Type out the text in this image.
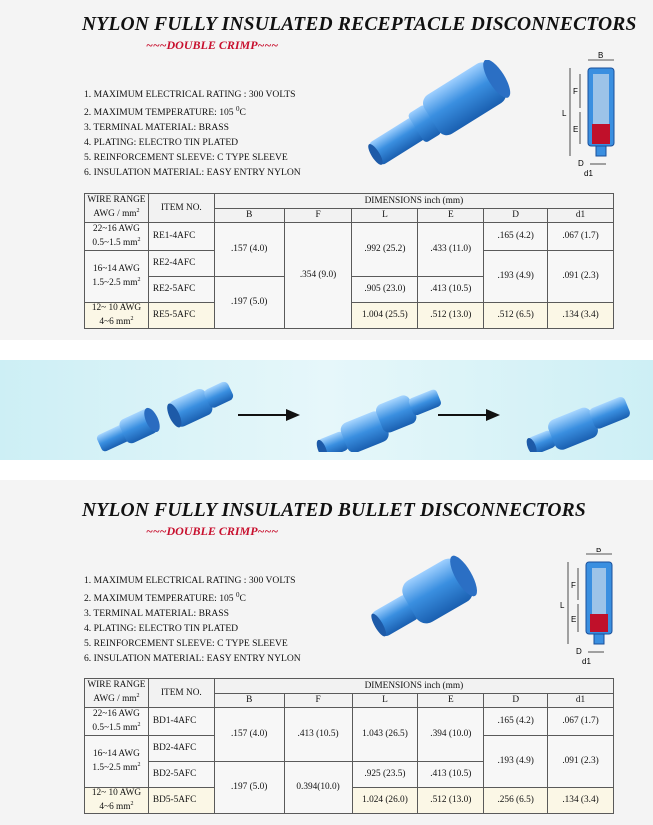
NYLON FULLY INSULATED RECEPTACLE DISCONNECTORS
~~~DOUBLE CRIMP~~~
1. MAXIMUM ELECTRICAL RATING : 300 VOLTS
2. MAXIMUM TEMPERATURE: 105 $^0$C
3. TERMINAL MATERIAL: BRASS
4. PLATING: ELECTRO TIN PLATED
5. REINFORCEMENT SLEEVE: C TYPE SLEEVE
6. INSULATION MATERIAL: EASY ENTRY NYLON
L
F
E
B
D
d1
WIRE RANGE
AWG / $mm^2$	ITEM NO.	DIMENSIONS inch (mm)					
		B	F	L	E	D	d1
22~16 AWG
0.5~1.5 $mm^2$	RE1-4AFC	.157 (4.0)	.354 (9.0)	.992 (25.2)	.433 (11.0)	.165 (4.2)	.067 (1.7)
16~14 AWG
1.5~2.5 $mm^2$	RE2-4AFC					.193 (4.9)	.091 (2.3)
	RE2-5AFC	.197 (5.0)		.905 (23.0)	.413 (10.5)		
12~ 10 AWG
4~6 $mm^2$	RE5-5AFC			1.004 (25.5)	.512 (13.0)	.512 (6.5)	.134 (3.4)
NYLON FULLY INSULATED BULLET DISCONNECTORS
~~~DOUBLE CRIMP~~~
1. MAXIMUM ELECTRICAL RATING : 300 VOLTS
2. MAXIMUM TEMPERATURE: 105 $^0$C
3. TERMINAL MATERIAL: BRASS
4. PLATING: ELECTRO TIN PLATED
5. REINFORCEMENT SLEEVE: C TYPE SLEEVE
6. INSULATION MATERIAL: EASY ENTRY NYLON
L
F
E
B
D
d1
WIRE RANGE
AWG / $mm^2$	ITEM NO.	DIMENSIONS inch (mm)					
		B	F	L	E	D	d1
22~16 AWG
0.5~1.5 $mm^2$	BD1-4AFC	.157 (4.0)	.413 (10.5)	1.043 (26.5)	.394 (10.0)	.165 (4.2)	.067 (1.7)
16~14 AWG
1.5~2.5 $mm^2$	BD2-4AFC					.193 (4.9)	.091 (2.3)
	BD2-5AFC	.197 (5.0)	0.394(10.0)	.925 (23.5)	.413 (10.5)		
12~ 10 AWG
4~6 $mm^2$	BD5-5AFC			1.024 (26.0)	.512 (13.0)	.256 (6.5)	.134 (3.4)
